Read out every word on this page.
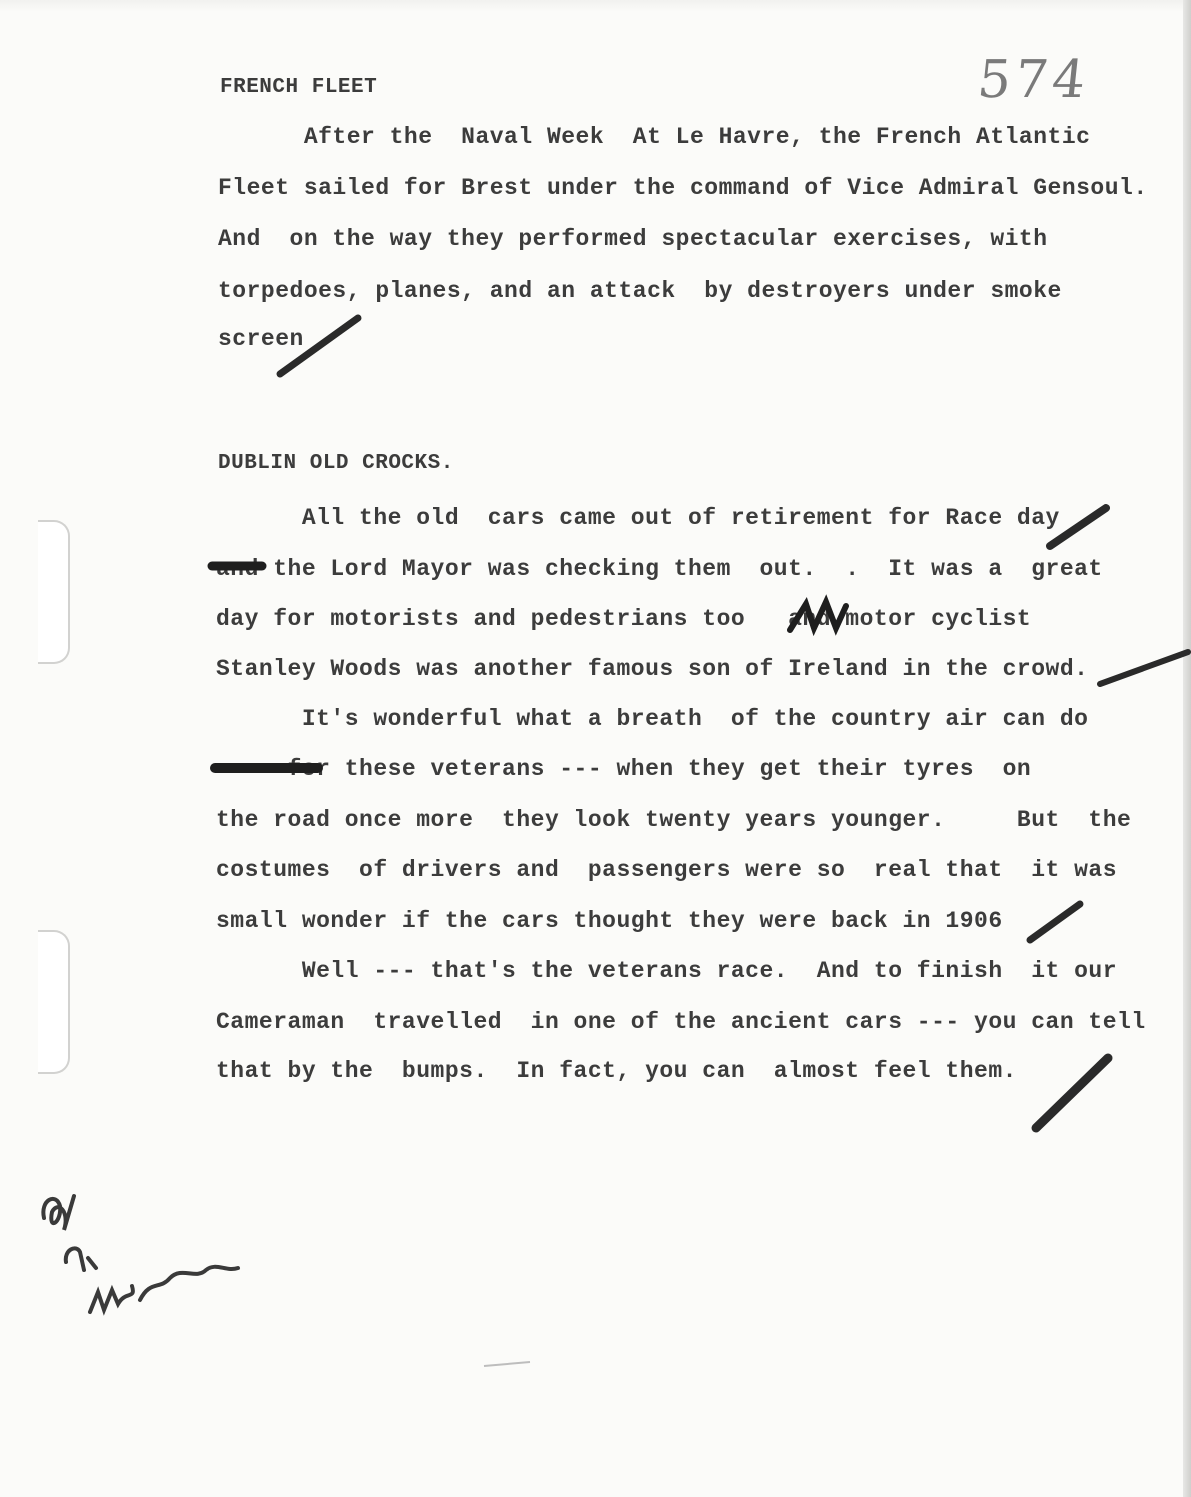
574
FRENCH FLEET
After the  Naval Week  At Le Havre, the French Atlantic
Fleet sailed for Brest under the command of Vice Admiral Gensoul.
And  on the way they performed spectacular exercises, with
torpedoes, planes, and an attack  by destroyers under smoke
screen
DUBLIN OLD CROCKS.
All the old  cars came out of retirement for Race day
and the Lord Mayor was checking them  out.  .  It was a  great
day for motorists and pedestrians too   and motor cyclist
Stanley Woods was another famous son of Ireland in the crowd.
It's wonderful what a breath  of the country air can do
for these veterans --- when they get their tyres  on
the road once more  they look twenty years younger.     But  the
costumes  of drivers and  passengers were so  real that  it was
small wonder if the cars thought they were back in 1906
Well --- that's the veterans race.  And to finish  it our
Cameraman  travelled  in one of the ancient cars --- you can tell
that by the  bumps.  In fact, you can  almost feel them.
